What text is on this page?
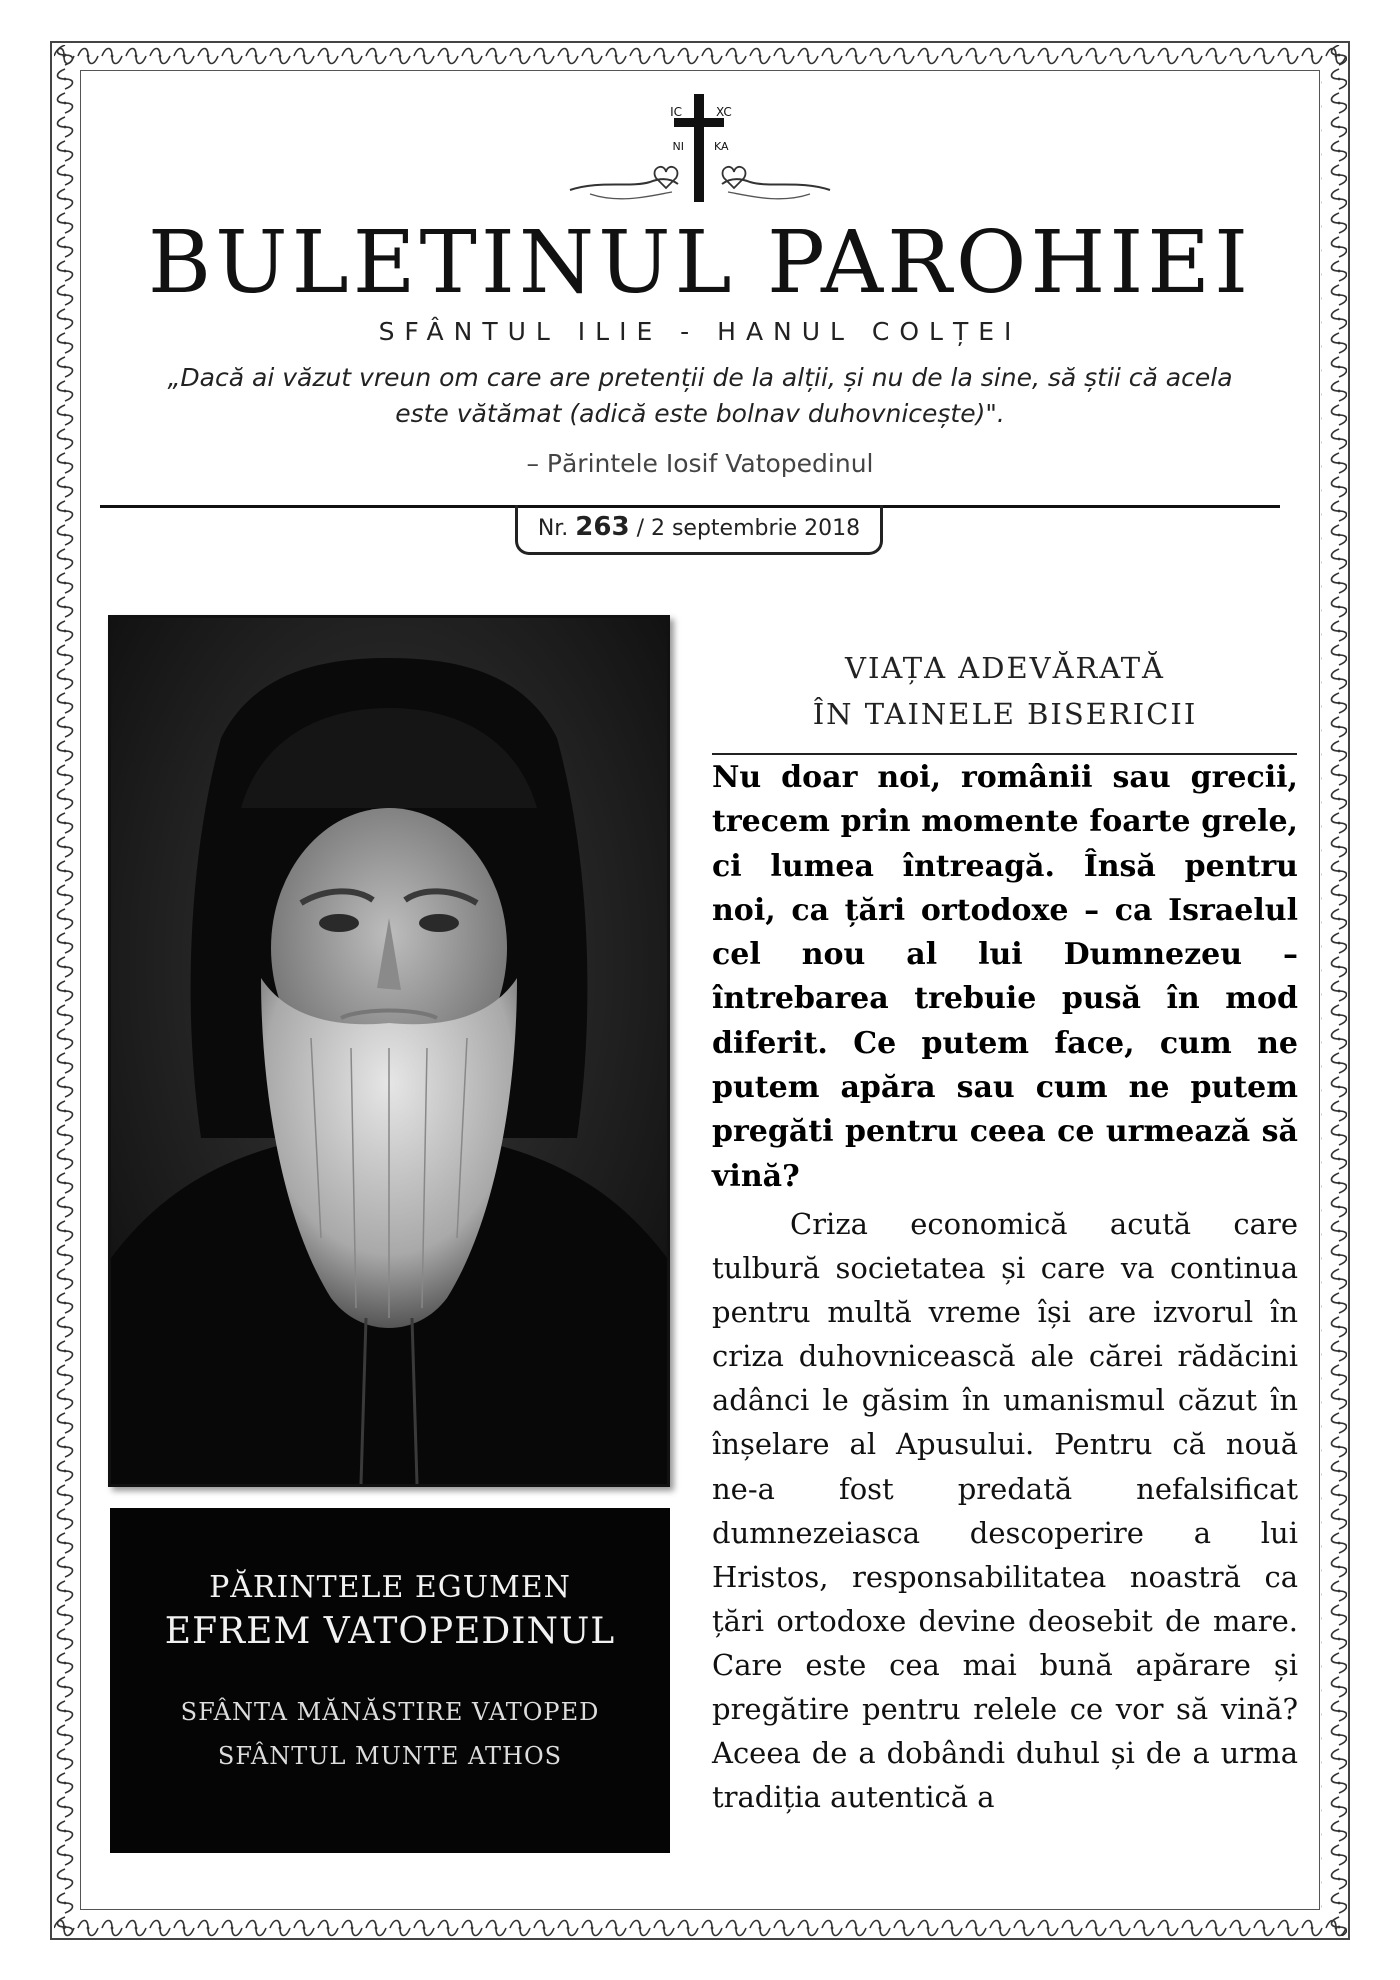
IC	XC
NI	KA
BULETINUL PAROHIEI
SFÂNTUL ILIE - HANUL COLȚEI
„Dacă ai văzut vreun om care are pretenții de la alții, și nu de la sine, să știi că acela este vătămat (adică este bolnav duhovnicește)".
– Părintele Iosif Vatopedinul
Nr. 263 / 2 septembrie 2018
PĂRINTELE EGUMEN
EFREM VATOPEDINUL
SFÂNTA MĂNĂSTIRE VATOPED
SFÂNTUL MUNTE ATHOS
VIAȚA ADEVĂRATĂ
ÎN TAINELE BISERICII

Nu doar noi, românii sau grecii, trecem prin momente foarte grele, ci lumea întreagă. Însă pentru noi, ca țări ortodoxe – ca Israelul cel nou al lui Dumnezeu – întrebarea trebuie pusă în mod diferit. Ce putem face, cum ne putem apăra sau cum ne putem pregăti pentru ceea ce urmează să vină?

Criza economică acută care tulbură societatea și care va continua pentru multă vreme își are izvorul în criza duhovnicească ale cărei rădăcini adânci le găsim în umanismul căzut în înșelare al Apusului. Pentru că nouă ne-a fost predată nefalsificat dumnezeiasca descoperire a lui Hristos, responsabilitatea noastră ca țări ortodoxe devine deosebit de mare. Care este cea mai bună apărare și pregătire pentru relele ce vor să vină? Aceea de a dobândi duhul și de a urma tradiția autentică a
